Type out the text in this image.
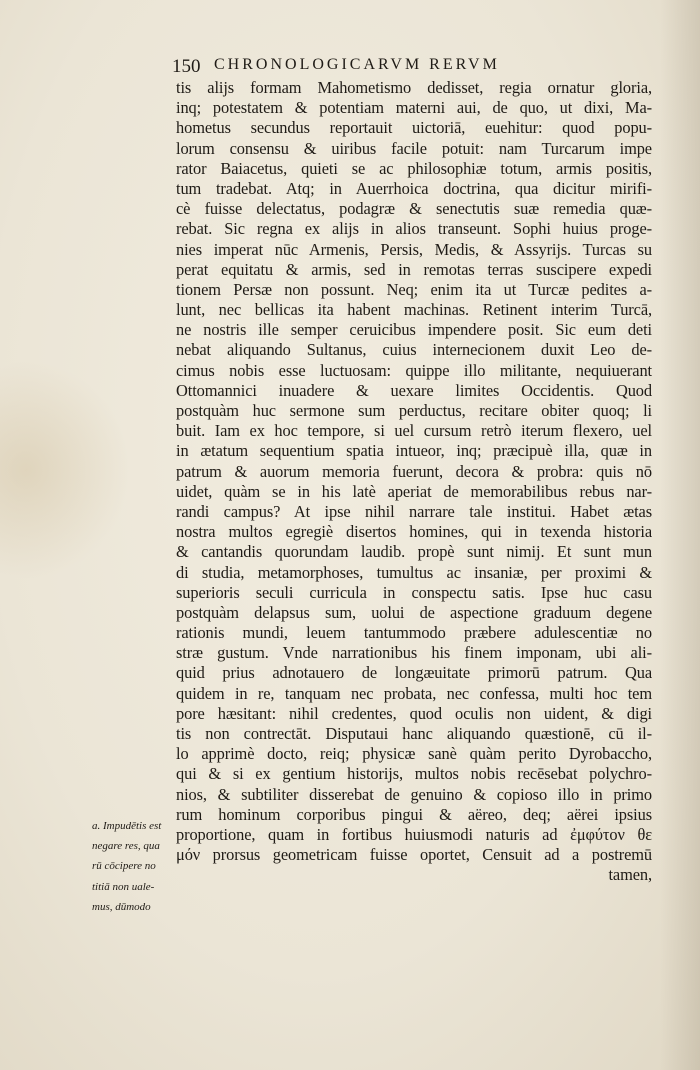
150 CHRONOLOGICARVM RERVM
tis alijs formam Mahometismo dedisset, regia ornatur gloria,
inq; potestatem & potentiam materni aui, de quo, ut dixi, Ma-
hometus secundus reportauit uictoriā, euehitur: quod popu-
lorum consensu & uiribus facile potuit: nam Turcarum impe
rator Baiacetus, quieti se ac philosophiæ totum, armis positis,
tum tradebat. Atq; in Auerrhoica doctrina, qua dicitur mirifi-
cè fuisse delectatus, podagræ & senectutis suæ remedia quæ-
rebat. Sic regna ex alijs in alios transeunt. Sophi huius proge-
nies imperat nūc Armenis, Persis, Medis, & Assyrijs. Turcas su
perat equitatu & armis, sed in remotas terras suscipere expedi
tionem Persæ non possunt. Neq; enim ita ut Turcæ pedites a-
lunt, nec bellicas ita habent machinas. Retinent interim Turcā,
ne nostris ille semper ceruicibus impendere posit. Sic eum deti
nebat aliquando Sultanus, cuius internecionem duxit Leo de-
cimus nobis esse luctuosam: quippe illo militante, nequiuerant
Ottomannici inuadere & uexare limites Occidentis. Quod
postquàm huc sermone sum perductus, recitare obiter quoq; li
buit. Iam ex hoc tempore, si uel cursum retrò iterum flexero, uel
in ætatum sequentium spatia intueor, inq; præcipuè illa, quæ in
patrum & auorum memoria fuerunt, decora & probra: quis nō
uidet, quàm se in his latè aperiat de memorabilibus rebus nar-
randi campus? At ipse nihil narrare tale institui. Habet ætas
nostra multos egregiè disertos homines, qui in texenda historia
& cantandis quorundam laudib. propè sunt nimij. Et sunt mun
di studia, metamorphoses, tumultus ac insaniæ, per proximi &
superioris seculi curricula in conspectu satis. Ipse huc casu
postquàm delapsus sum, uolui de aspectione graduum degene
rationis mundi, leuem tantummodo præbere adulescentiæ no
stræ gustum. Vnde narrationibus his finem imponam, ubi ali-
quid prius adnotauero de longæuitate primorū patrum. Qua
quidem in re, tanquam nec probata, nec confessa, multi hoc tem
pore hæsitant: nihil credentes, quod oculis non uident, & digi
tis non contrectāt. Disputaui hanc aliquando quæstionē, cū il-
lo apprimè docto, reiq; physicæ sanè quàm perito Dyrobaccho,
qui & si ex gentium historijs, multos nobis recēsebat polychro-
nios, & subtiliter disserebat de genuino & copioso illo in primo
rum hominum corporibus pingui & aëreo, deq; aërei ipsius
proportione, quam in fortibus huiusmodi naturis ad ἐμφύτον θε
μόν prorsus geometricam fuisse oportet, Censuit ad a postremū
tamen,
a. Impudētis est
negare res, qua
rū cōcipere no
titiā non uale-
mus, dūmodo
